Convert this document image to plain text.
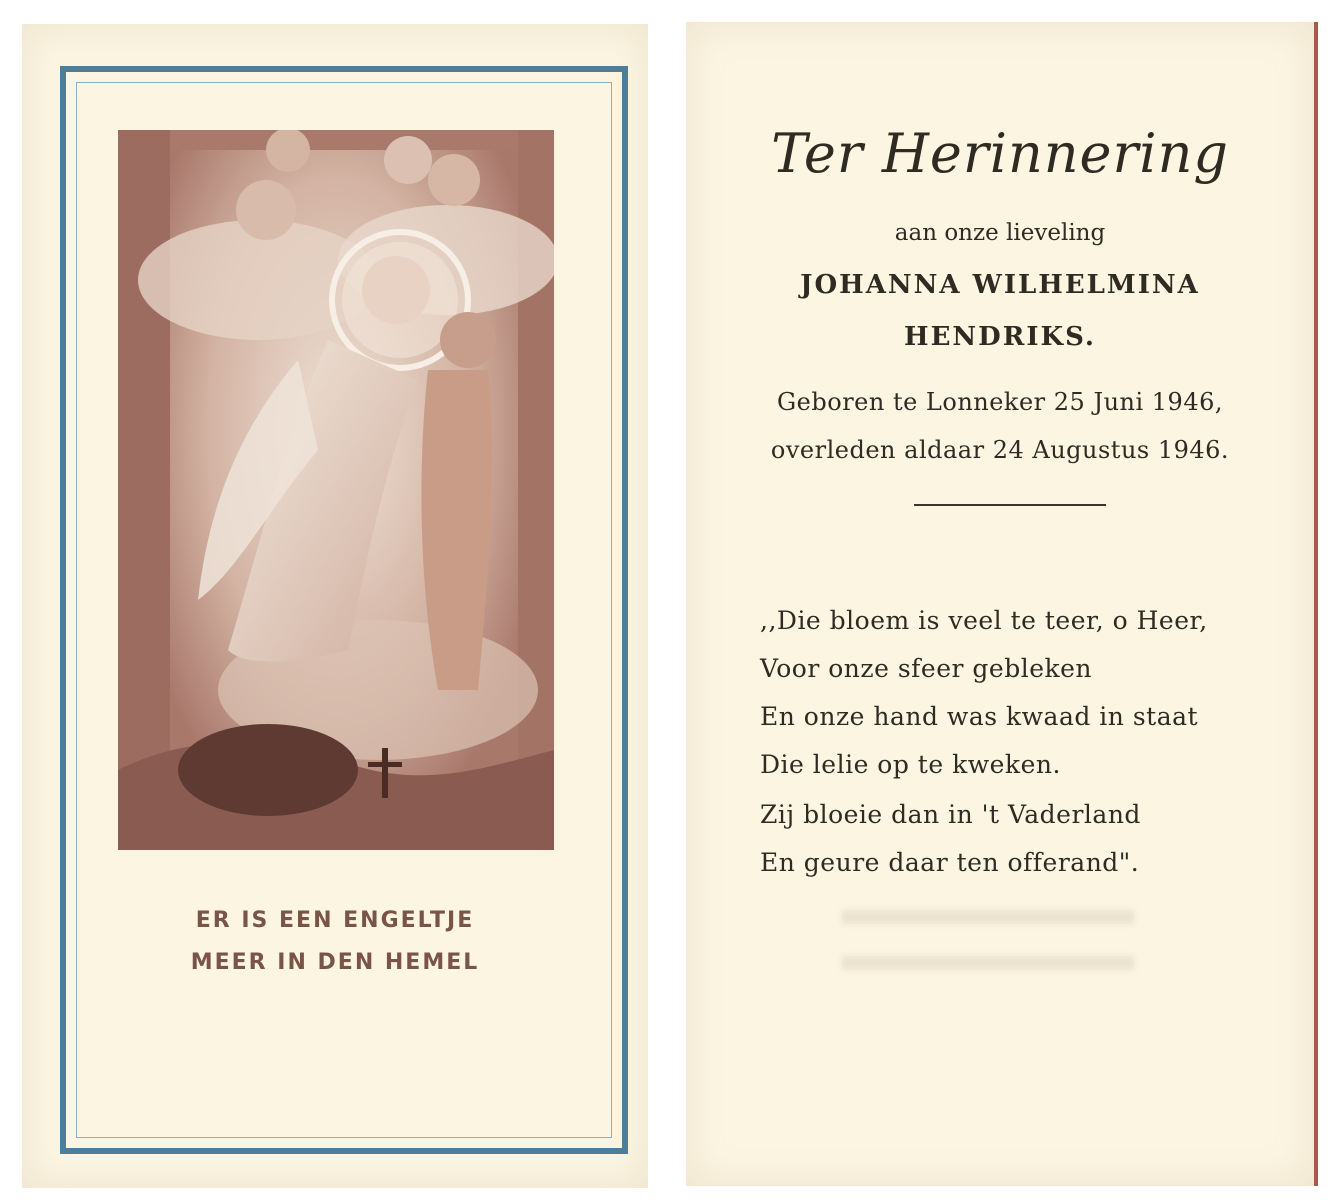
ER IS EEN ENGELTJE
MEER IN DEN HEMEL
Ter Herinnering
aan onze lieveling
JOHANNA WILHELMINA
HENDRIKS.
Geboren te Lonneker 25 Juni 1946,
overleden aldaar 24 Augustus 1946.
,,Die bloem is veel te teer, o Heer,
Voor onze sfeer gebleken
En onze hand was kwaad in staat
Die lelie op te kweken.
Zij bloeie dan in 't Vaderland
En geure daar ten offerand".
